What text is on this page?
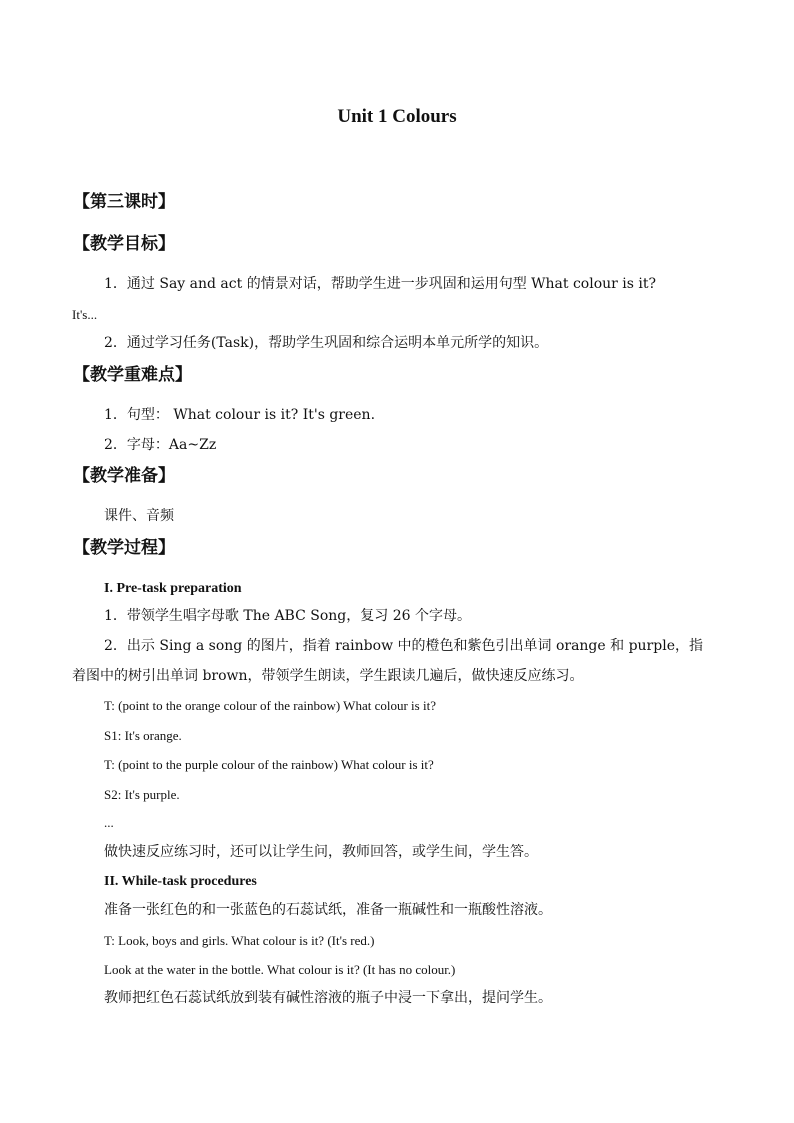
Unit 1 Colours
【第三课时】
【教学目标】
1．通过 Say and act 的情景对话，帮助学生进一步巩固和运用句型 What colour is it?
It's...
2．通过学习任务(Task)，帮助学生巩固和综合运明本单元所学的知识。
【教学重难点】
1．句型： What colour is it? It's green.
2．字母：Aa~Zz
【教学准备】
课件、音频
【教学过程】
I. Pre-task preparation
1．带领学生唱字母歌 The ABC Song，复习 26 个字母。
2．出示 Sing a song 的图片，指着 rainbow 中的橙色和紫色引出单词 orange 和 purple，指
着图中的树引出单词 brown，带领学生朗读，学生跟读几遍后，做快速反应练习。
T: (point to the orange colour of the rainbow) What colour is it?
S1: It's orange.
T: (point to the purple colour of the rainbow) What colour is it?
S2: It's purple.
...
做快速反应练习时，还可以让学生问，教师回答，或学生间，学生答。
II. While-task procedures
准备一张红色的和一张蓝色的石蕊试纸，准备一瓶碱性和一瓶酸性溶液。
T: Look, boys and girls. What colour is it? (It's red.)
Look at the water in the bottle. What colour is it? (It has no colour.)
教师把红色石蕊试纸放到装有碱性溶液的瓶子中浸一下拿出，提问学生。
